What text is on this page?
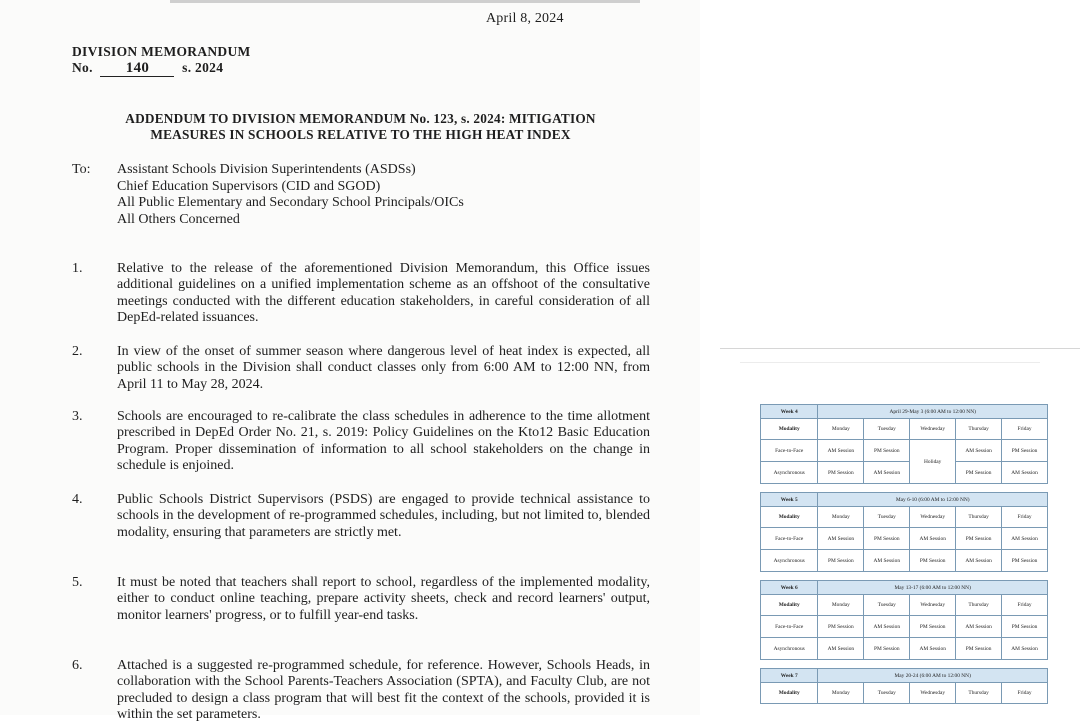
April 8, 2024
DIVISION MEMORANDUM
No. 140 s. 2024
ADDENDUM TO DIVISION MEMORANDUM No. 123, s. 2024: MITIGATION MEASURES IN SCHOOLS RELATIVE TO THE HIGH HEAT INDEX
To: Assistant Schools Division Superintendents (ASDSs)
Chief Education Supervisors (CID and SGOD)
All Public Elementary and Secondary School Principals/OICs
All Others Concerned
1. Relative to the release of the aforementioned Division Memorandum, this Office issues additional guidelines on a unified implementation scheme as an offshoot of the consultative meetings conducted with the different education stakeholders, in careful consideration of all DepEd-related issuances.
2. In view of the onset of summer season where dangerous level of heat index is expected, all public schools in the Division shall conduct classes only from 6:00 AM to 12:00 NN, from April 11 to May 28, 2024.
3. Schools are encouraged to re-calibrate the class schedules in adherence to the time allotment prescribed in DepEd Order No. 21, s. 2019: Policy Guidelines on the Kto12 Basic Education Program. Proper dissemination of information to all school stakeholders on the change in schedule is enjoined.
4. Public Schools District Supervisors (PSDS) are engaged to provide technical assistance to schools in the development of re-programmed schedules, including, but not limited to, blended modality, ensuring that parameters are strictly met.
5. It must be noted that teachers shall report to school, regardless of the implemented modality, either to conduct online teaching, prepare activity sheets, check and record learners' output, monitor learners' progress, or to fulfill year-end tasks.
6. Attached is a suggested re-programmed schedule, for reference. However, Schools Heads, in collaboration with the School Parents-Teachers Association (SPTA), and Faculty Club, are not precluded to design a class program that will best fit the context of the schools, provided it is within the set parameters.
Week 4	April 29-May 3 (6:00 AM to 12:00 NN)				
Modality	Monday	Tuesday	Wednesday	Thursday	Friday
Face-to-Face	AM Session	PM Session	Holiday	AM Session	PM Session
Asynchronous	PM Session	AM Session		PM Session	AM Session
Week 5	May 6-10 (6:00 AM to 12:00 NN)				
Modality	Monday	Tuesday	Wednesday	Thursday	Friday
Face-to-Face	AM Session	PM Session	AM Session	PM Session	AM Session
Asynchronous	PM Session	AM Session	PM Session	AM Session	PM Session
Week 6	May 13-17 (6:00 AM to 12:00 NN)				
Modality	Monday	Tuesday	Wednesday	Thursday	Friday
Face-to-Face	PM Session	AM Session	PM Session	AM Session	PM Session
Asynchronous	AM Session	PM Session	AM Session	PM Session	AM Session
Week 7	May 20-24 (6:00 AM to 12:00 NN)				
Modality	Monday	Tuesday	Wednesday	Thursday	Friday
